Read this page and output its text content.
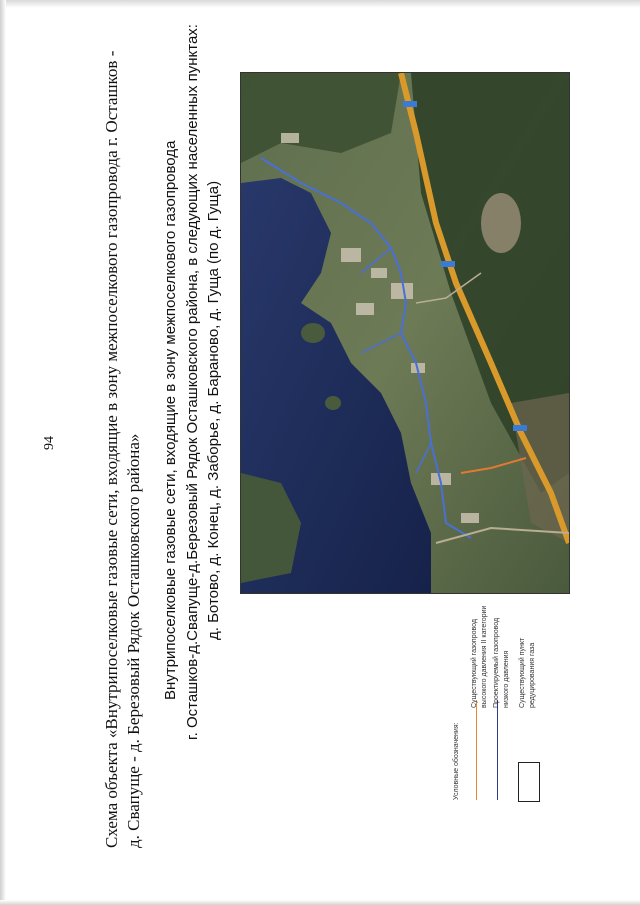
94	Схема объекта «Внутрипоселковые газовые сети, входящие в зону межпоселкового газопровода г. Осташков - д. Свапуще - д. Березовый Рядок Осташковского района» Внутрипоселковые газовые сети, входящие в зону межпоселкового газопровода г. Осташков-д.Свапуще-д.Березовый Рядок Осташковского района, в следующих населенных пунктах: д. Ботово, д. Конец, д. Заборье, д. Бараново, д. Гуща (по д. Гуща)
Условные обозначения:
Существующий газопровод высокого давления II категории Проектируемый газопровод низкого давления Существующий пункт редуцирования газа
